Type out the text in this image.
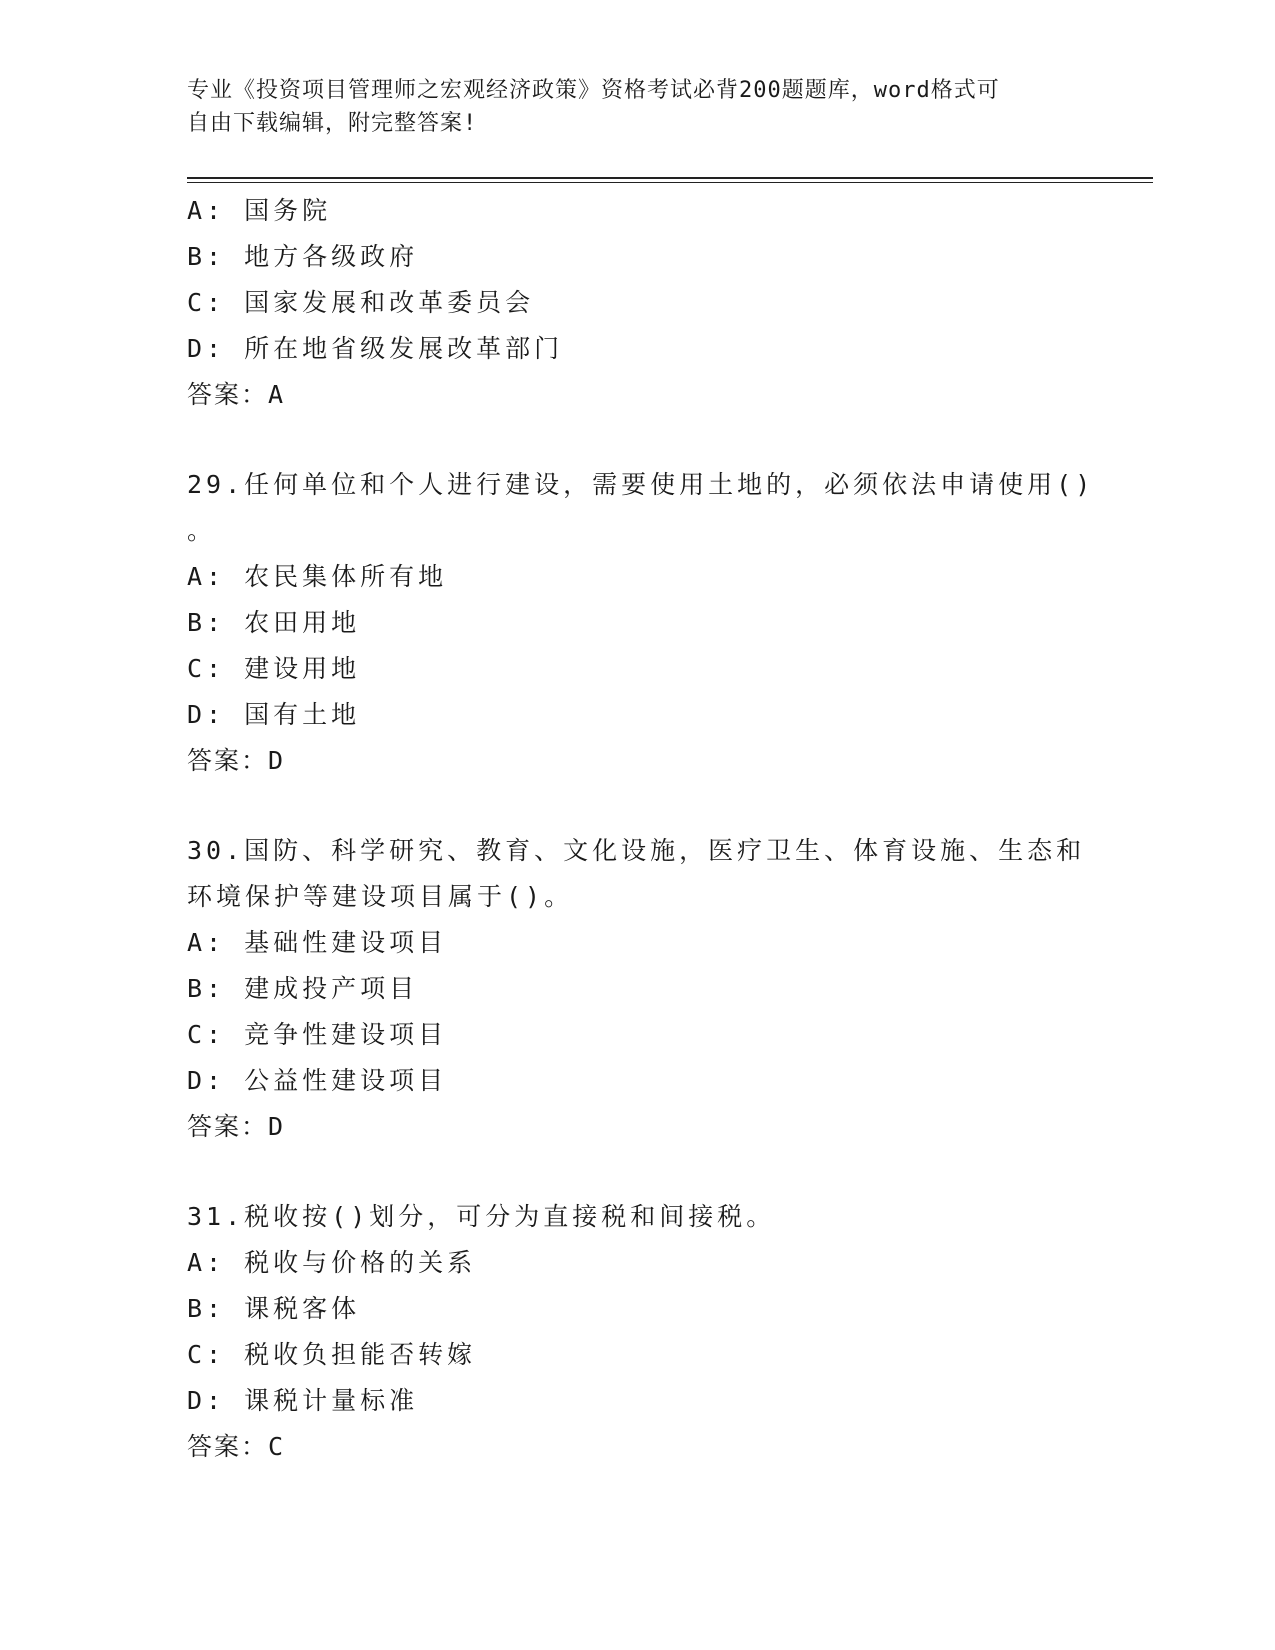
专业《投资项目管理师之宏观经济政策》资格考试必背200题题库，word格式可
自由下载编辑，附完整答案!
A: 国务院
B: 地方各级政府
C: 国家发展和改革委员会
D: 所在地省级发展改革部门
答案：A
29.任何单位和个人进行建设，需要使用土地的，必须依法申请使用()
。
A: 农民集体所有地
B: 农田用地
C: 建设用地
D: 国有土地
答案：D
30.国防、科学研究、教育、文化设施，医疗卫生、体育设施、生态和
环境保护等建设项目属于()。
A: 基础性建设项目
B: 建成投产项目
C: 竞争性建设项目
D: 公益性建设项目
答案：D
31.税收按()划分，可分为直接税和间接税。
A: 税收与价格的关系
B: 课税客体
C: 税收负担能否转嫁
D: 课税计量标准
答案：C
